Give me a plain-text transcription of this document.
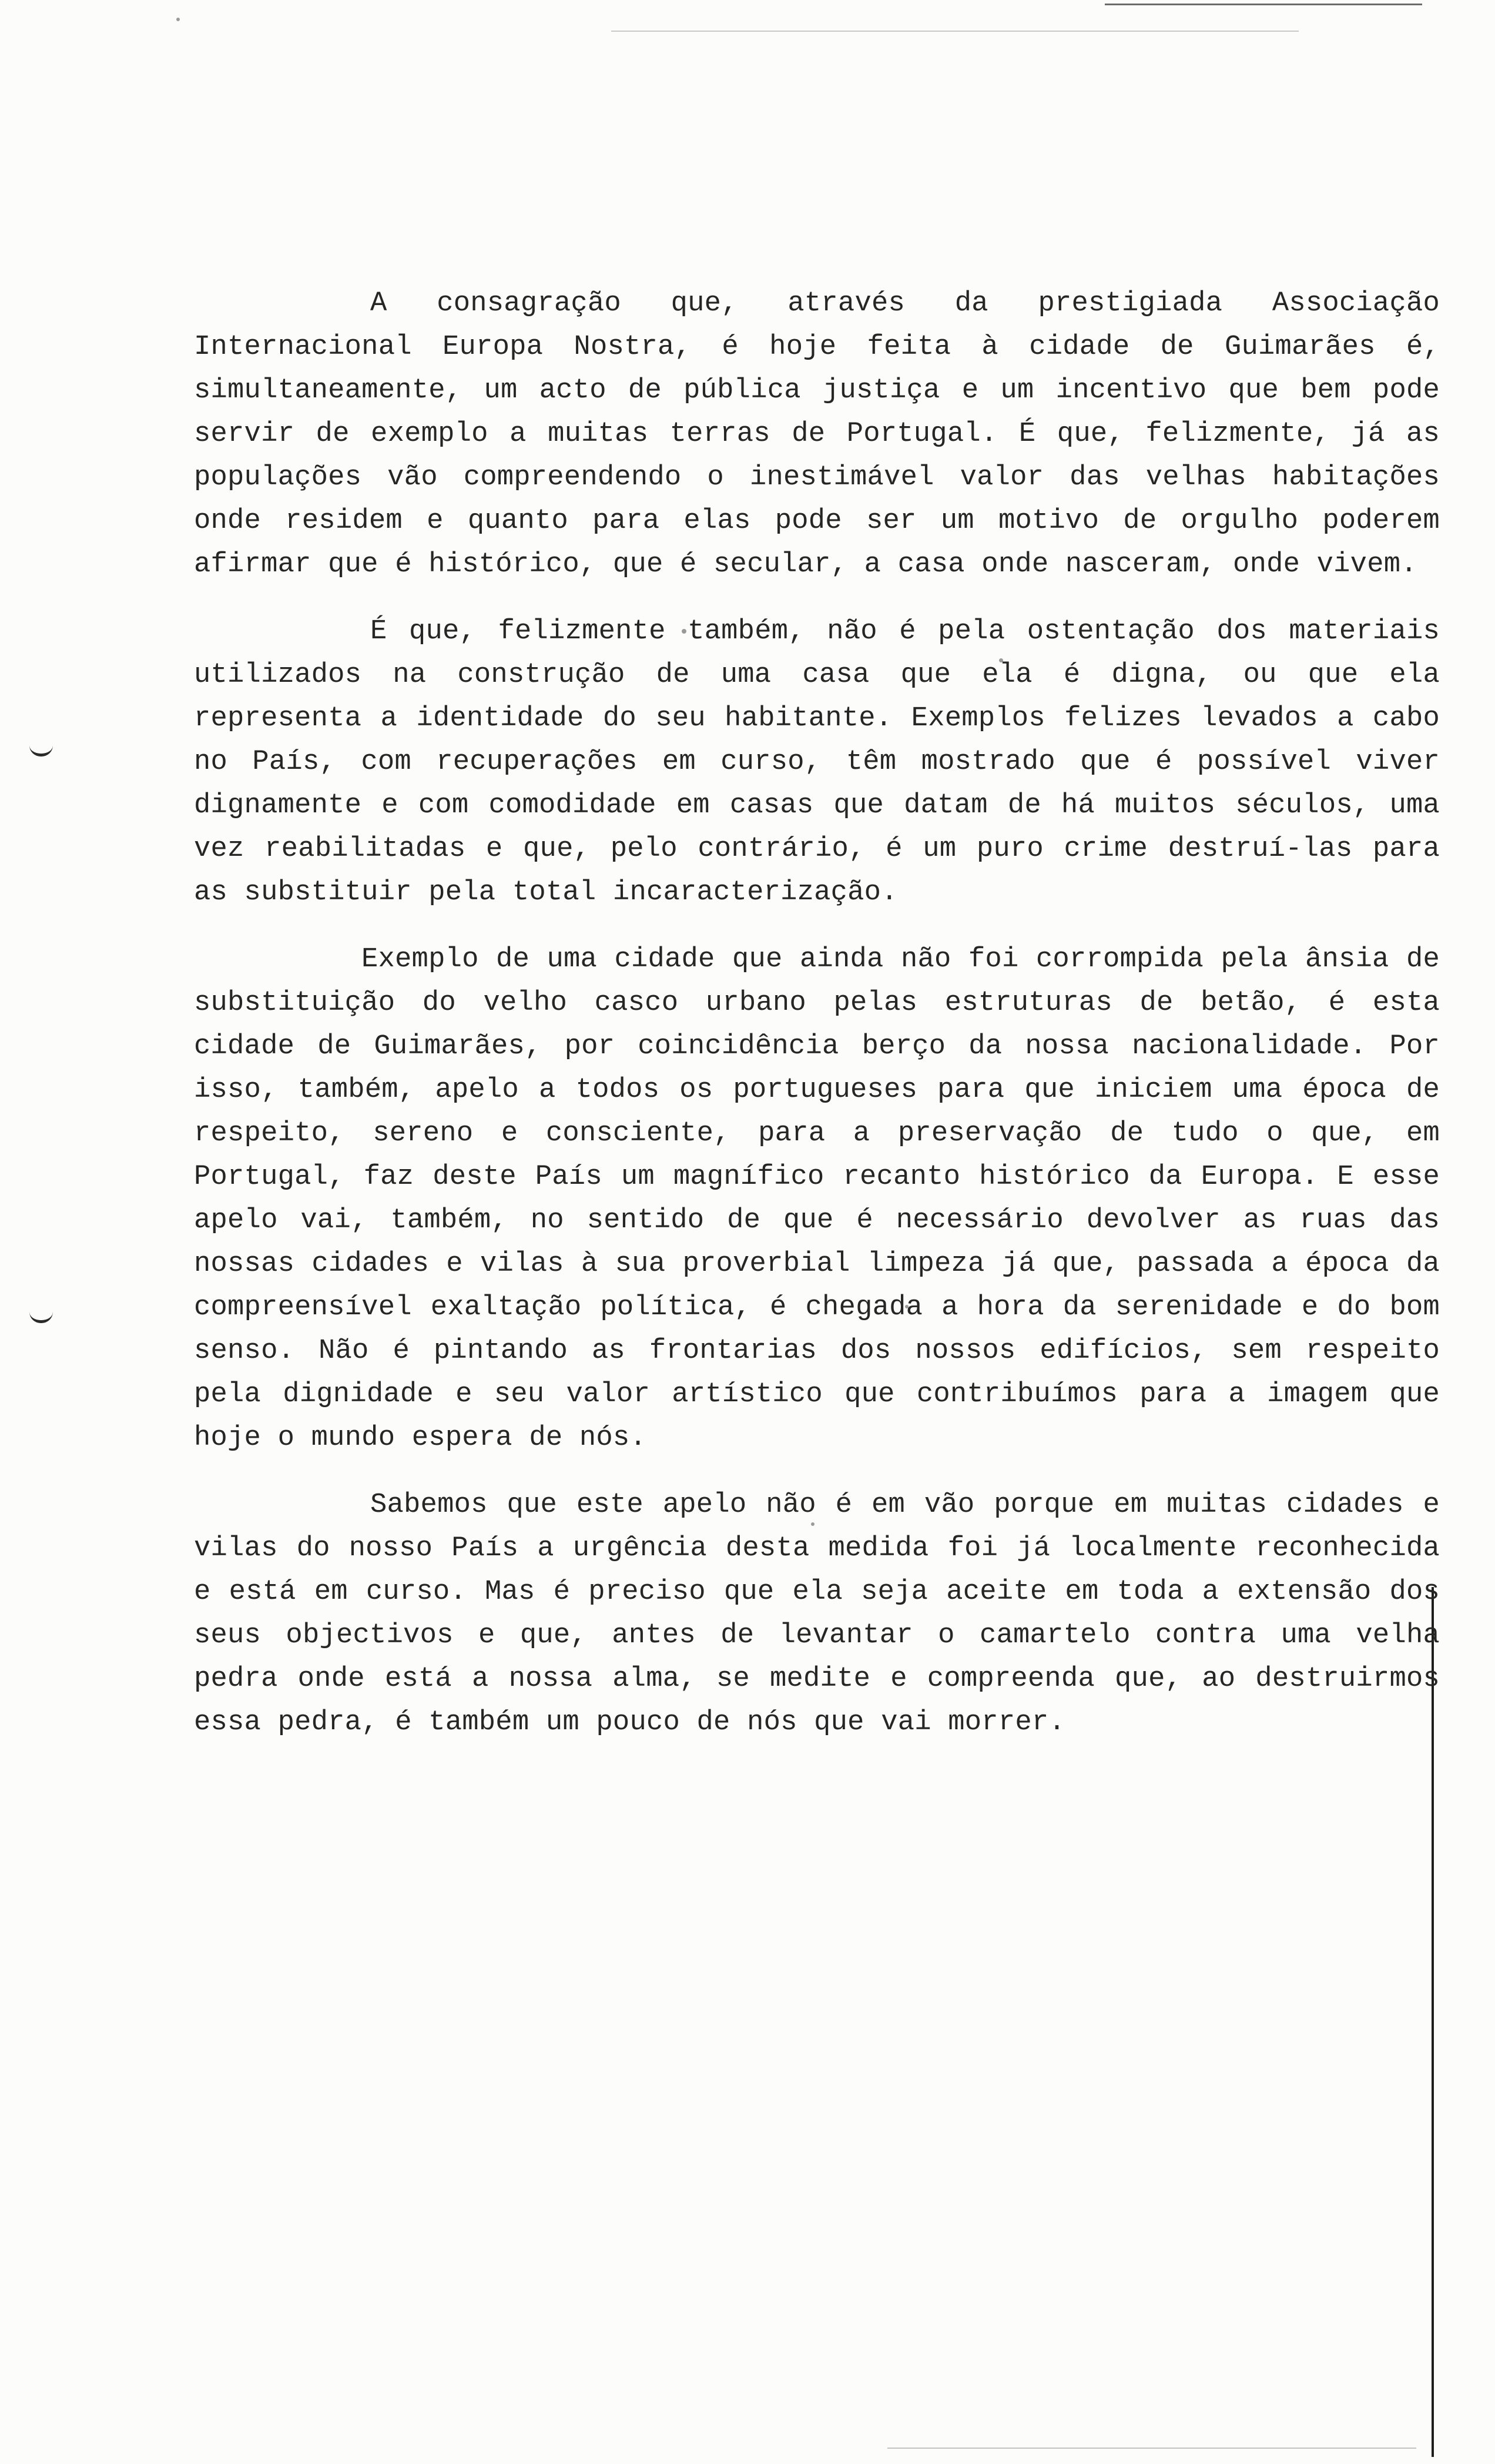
A consagração que, através da prestigiada Associação Internacional Europa Nostra, é hoje feita à cidade de Guimarães é, simultaneamente, um acto de pública justiça e um incentivo que bem pode servir de exemplo a muitas terras de Portugal. É que, felizmente, já as populações vão compreendendo o inestimável valor das velhas habitações onde residem e quanto para elas pode ser um motivo de orgulho poderem afirmar que é histórico, que é secular, a casa onde nasceram, onde vivem.

É que, felizmente também, não é pela ostentação dos materiais utilizados na construção de uma casa que ela é digna, ou que ela representa a identidade do seu habitante. Exemplos felizes levados a cabo no País, com recuperações em curso, têm mostrado que é possível viver dignamente e com comodidade em casas que datam de há muitos séculos, uma vez reabilitadas e que, pelo contrário, é um puro crime destruí-las para as substituir pela total incaracterização.

Exemplo de uma cidade que ainda não foi corrompida pela ânsia de substituição do velho casco urbano pelas estruturas de betão, é esta cidade de Guimarães, por coincidência berço da nossa nacionalidade. Por isso, também, apelo a todos os portugueses para que iniciem uma época de respeito, sereno e consciente, para a preservação de tudo o que, em Portugal, faz deste País um magnífico recanto histórico da Europa. E esse apelo vai, também, no sentido de que é necessário devolver as ruas das nossas cidades e vilas à sua proverbial limpeza já que, passada a época da compreensível exaltação política, é chegada a hora da serenidade e do bom senso. Não é pintando as frontarias dos nossos edifícios, sem respeito pela dignidade e seu valor artístico que contribuímos para a imagem que hoje o mundo espera de nós.

Sabemos que este apelo não é em vão porque em muitas cidades e vilas do nosso País a urgência desta medida foi já localmente reconhecida e está em curso. Mas é preciso que ela seja aceite em toda a extensão dos seus objectivos e que, antes de levantar o camartelo contra uma velha pedra onde está a nossa alma, se medite e compreenda que, ao destruirmos essa pedra, é também um pouco de nós que vai morrer.
